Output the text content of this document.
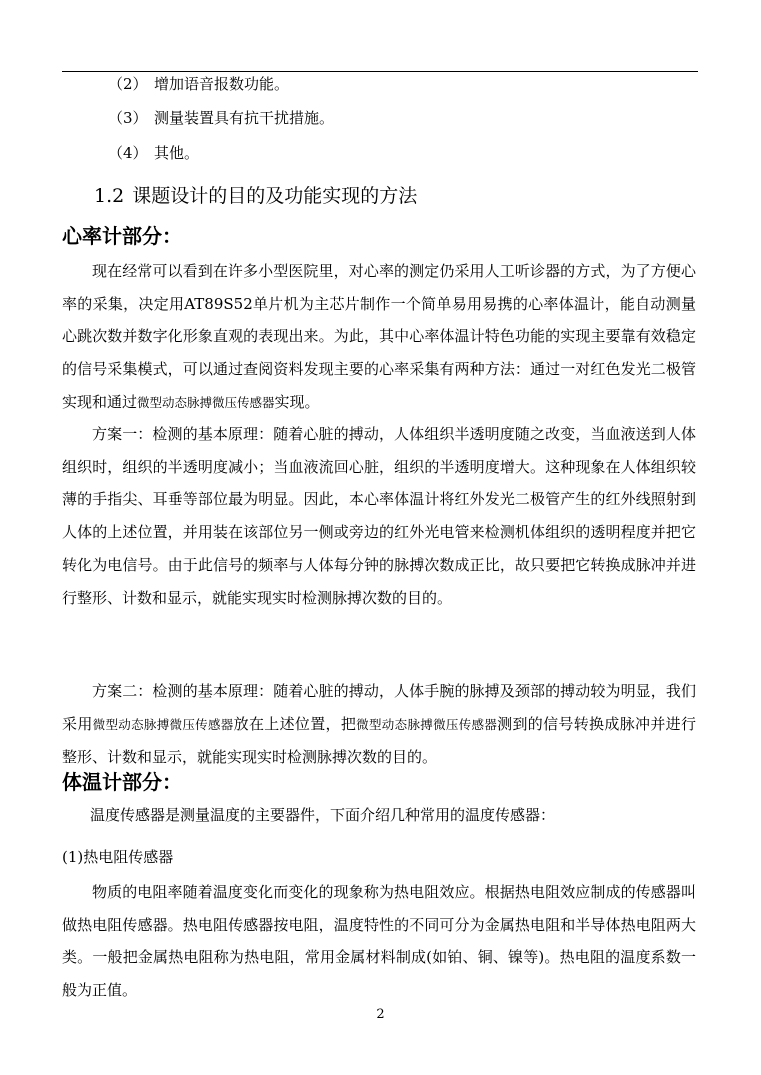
（2） 增加语音报数功能。
（3） 测量装置具有抗干扰措施。
（4） 其他。
1.2 课题设计的目的及功能实现的方法
心率计部分：

现在经常可以看到在许多小型医院里，对心率的测定仍采用人工听诊器的方式，为了方便心率的采集，决定用AT89S52单片机为主芯片制作一个简单易用易携的心率体温计，能自动测量心跳次数并数字化形象直观的表现出来。为此，其中心率体温计特色功能的实现主要靠有效稳定的信号采集模式，可以通过查阅资料发现主要的心率采集有两种方法：通过一对红色发光二极管实现和通过微型动态脉搏微压传感器实现。

方案一：检测的基本原理：随着心脏的搏动，人体组织半透明度随之改变，当血液送到人体组织时，组织的半透明度减小；当血液流回心脏，组织的半透明度增大。这种现象在人体组织较薄的手指尖、耳垂等部位最为明显。因此，本心率体温计将红外发光二极管产生的红外线照射到人体的上述位置，并用装在该部位另一侧或旁边的红外光电管来检测机体组织的透明程度并把它转化为电信号。由于此信号的频率与人体每分钟的脉搏次数成正比，故只要把它转换成脉冲并进行整形、计数和显示，就能实现实时检测脉搏次数的目的。

方案二：检测的基本原理：随着心脏的搏动，人体手腕的脉搏及颈部的搏动较为明显，我们采用微型动态脉搏微压传感器放在上述位置，把微型动态脉搏微压传感器测到的信号转换成脉冲并进行整形、计数和显示，就能实现实时检测脉搏次数的目的。

体温计部分：
温度传感器是测量温度的主要器件，下面介绍几种常用的温度传感器：
(1)热电阻传感器

物质的电阻率随着温度变化而变化的现象称为热电阻效应。根据热电阻效应制成的传感器叫做热电阻传感器。热电阻传感器按电阻，温度特性的不同可分为金属热电阻和半导体热电阻两大类。一般把金属热电阻称为热电阻，常用金属材料制成(如铂、铜、镍等)。热电阻的温度系数一般为正值。

2
